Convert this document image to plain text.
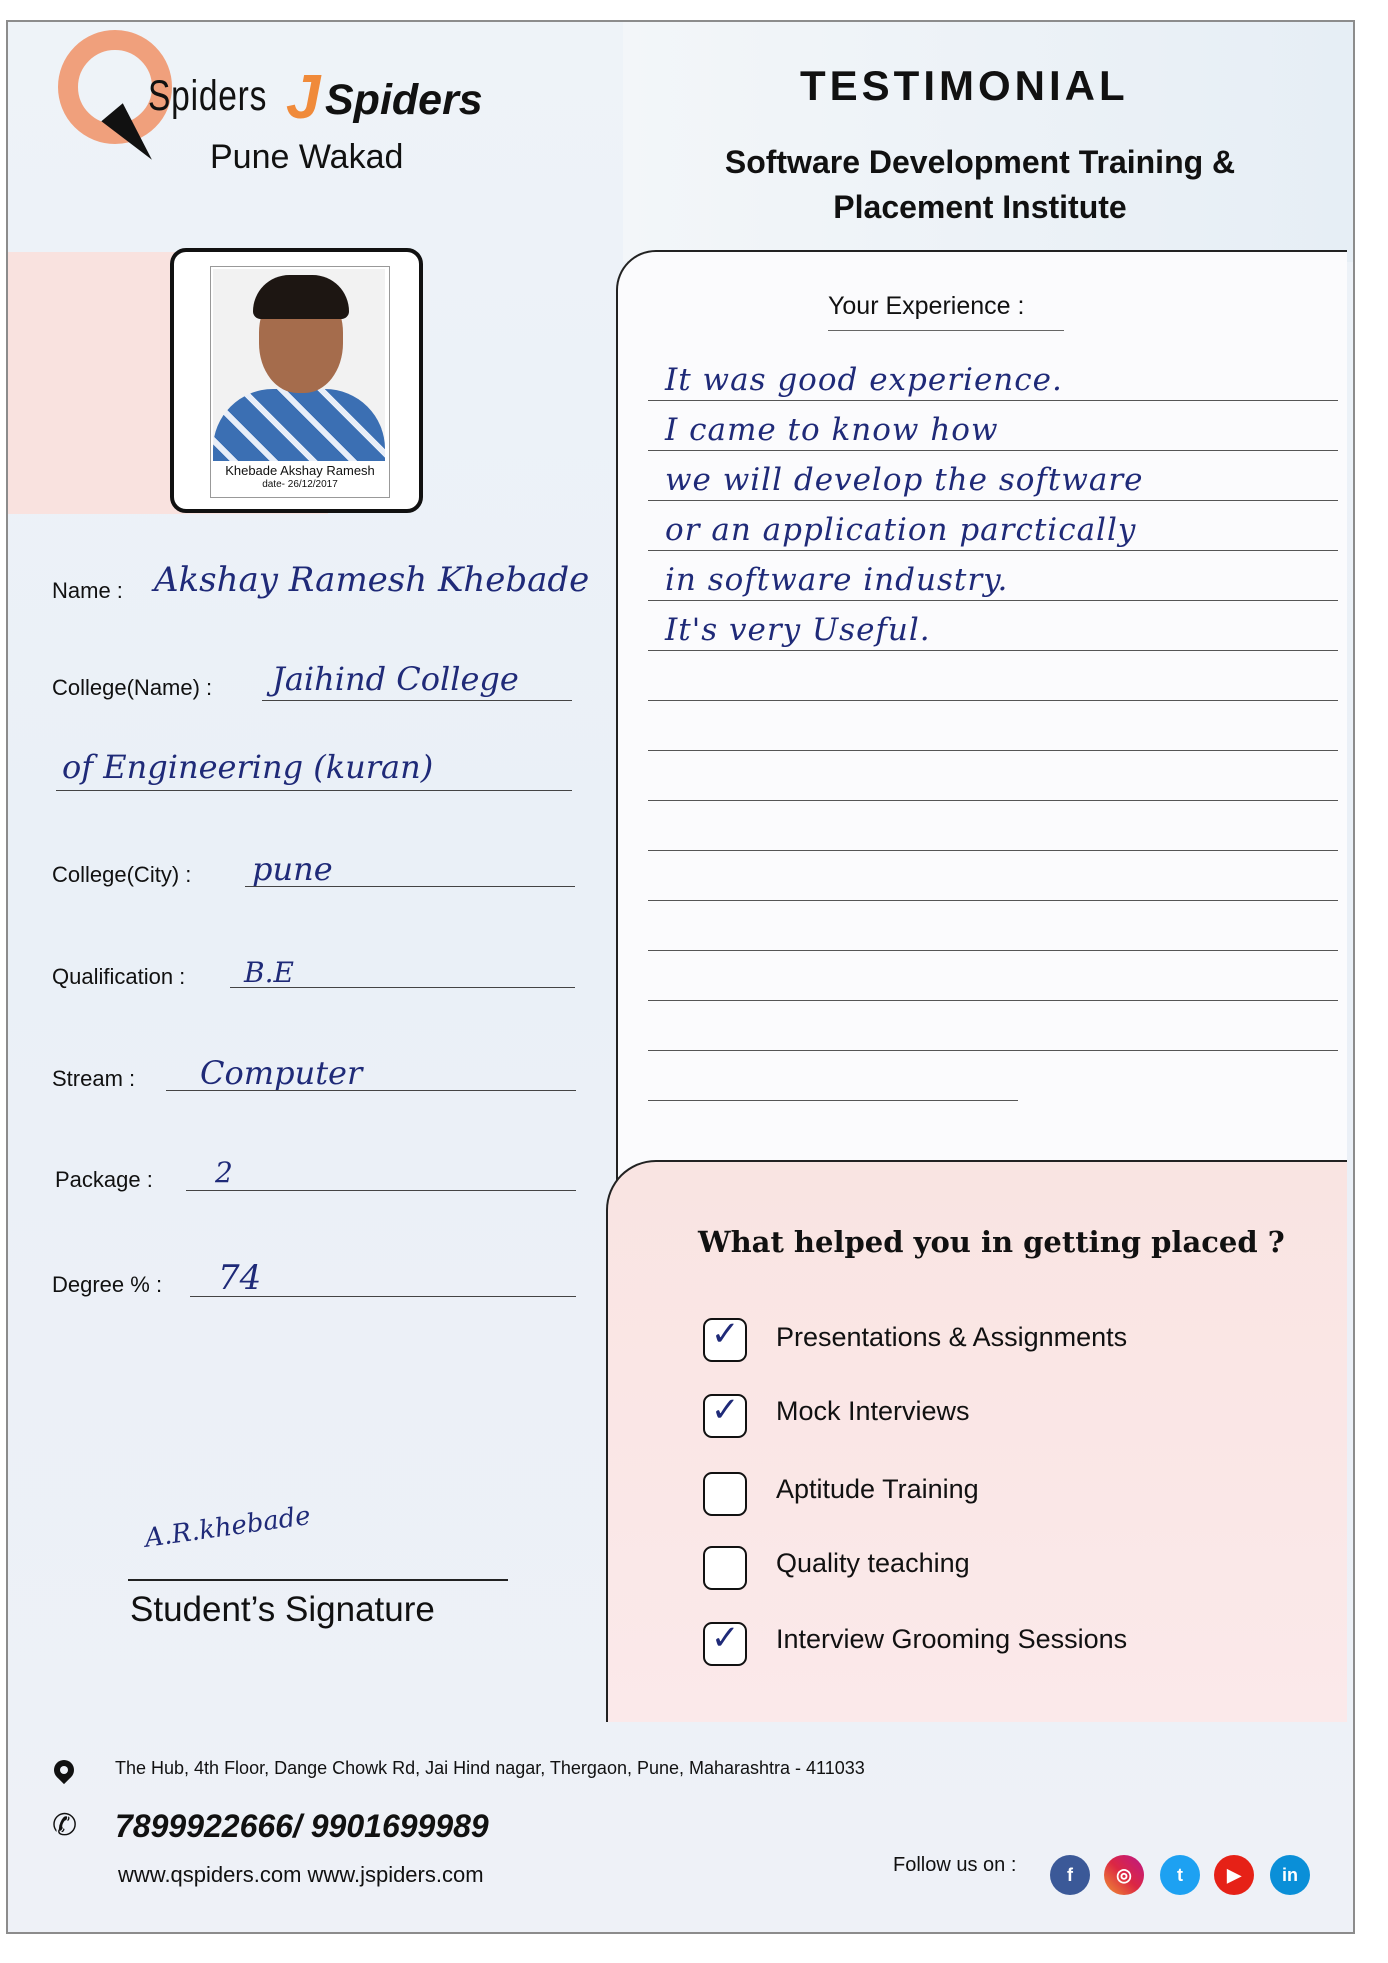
Spiders J Spiders
Pune Wakad
TESTIMONIAL
Software Development Training &
Placement Institute
Khebade Akshay Ramesh
date- 26/12/2017
Name : Akshay Ramesh Khebade
College(Name) : Jaihind College
of Engineering (kuran)
College(City) : pune
Qualification : B.E
Stream : Computer
Package : 2
Degree % : 74
Your Experience :
It was good experience.
I came to know how
we will develop the software
or an application parctically
in software industry.
It's very Useful.
What helped you in getting placed ?
✓ Presentations & Assignments
✓ Mock Interviews
Aptitude Training
Quality teaching
✓ Interview Grooming Sessions
A.R.khebade
Student’s Signature
The Hub, 4th Floor, Dange Chowk Rd, Jai Hind nagar, Thergaon, Pune, Maharashtra - 411033
✆ 7899922666/ 9901699989
www.qspiders.com www.jspiders.com	Follow us on :	f	◎	t	▶	in
